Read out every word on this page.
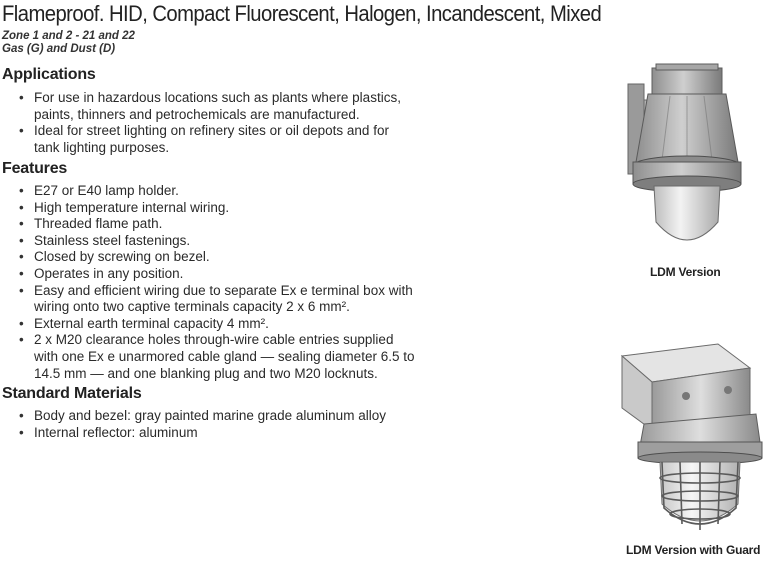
Flameproof. HID, Compact Fluorescent, Halogen, Incandescent, Mixed
Zone 1 and 2 - 21 and 22
Gas (G) and Dust (D)
Applications
• For use in hazardous locations such as plants where plastics,
paints, thinners and petrochemicals are manufactured.
• Ideal for street lighting on refinery sites or oil depots and for
tank lighting purposes.
Features
• E27 or E40 lamp holder.
• High temperature internal wiring.
• Threaded flame path.
• Stainless steel fastenings.
• Closed by screwing on bezel.
• Operates in any position.
• Easy and efficient wiring due to separate Ex e terminal box with
wiring onto two captive terminals capacity 2 x 6 mm².
• External earth terminal capacity 4 mm².
• 2 x M20 clearance holes through-wire cable entries supplied
with one Ex e unarmored cable gland — sealing diameter 6.5 to
14.5 mm — and one blanking plug and two M20 locknuts.
Standard Materials
• Body and bezel: gray painted marine grade aluminum alloy
• Internal reflector: aluminum
LDM Version
LDM Version with Guard
